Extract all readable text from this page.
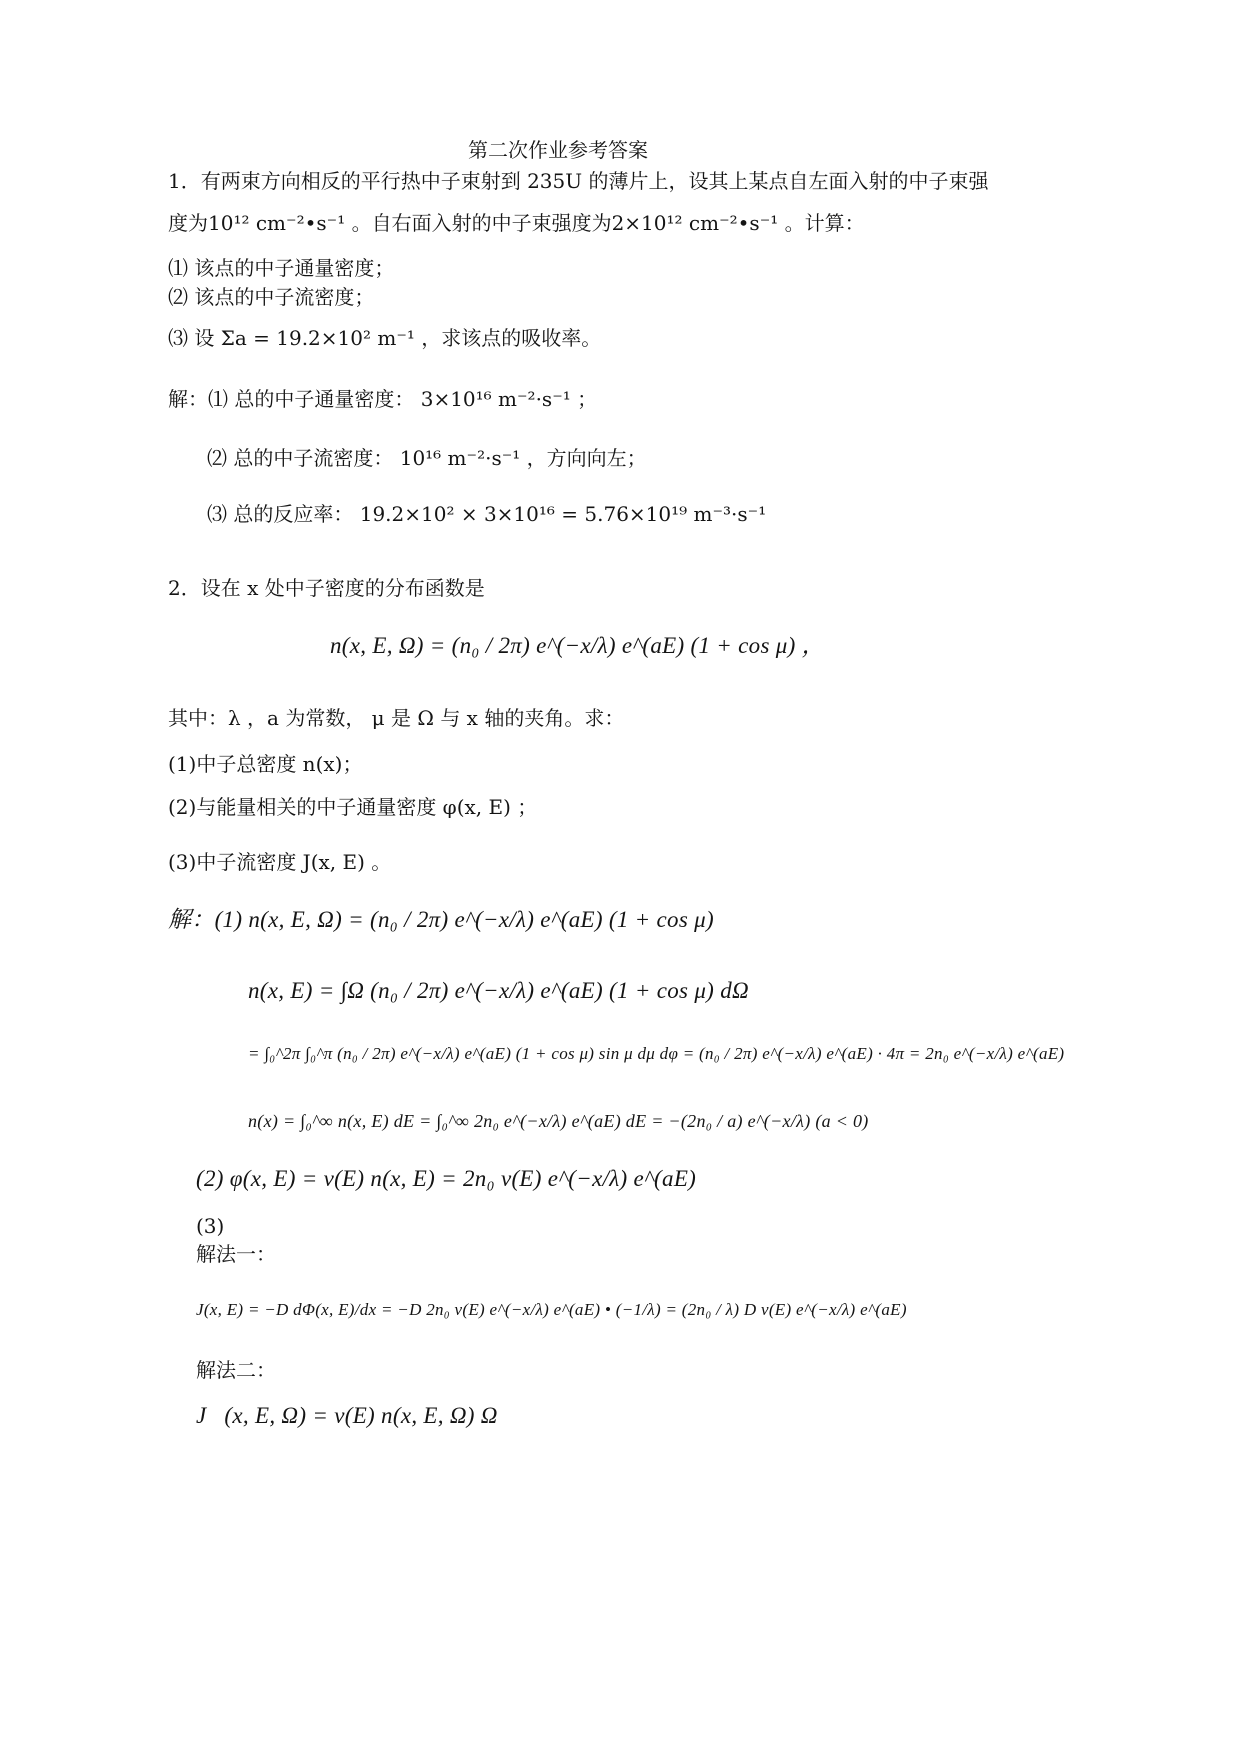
第二次作业参考答案
1．有两束方向相反的平行热中子束射到 235U 的薄片上，设其上某点自左面入射的中子束强
度为10¹² cm⁻²•s⁻¹ 。自右面入射的中子束强度为2×10¹² cm⁻²•s⁻¹ 。计算：
⑴ 该点的中子通量密度；
⑵ 该点的中子流密度；
⑶ 设 Σa = 19.2×10² m⁻¹ ，求该点的吸收率。
解：⑴ 总的中子通量密度： 3×10¹⁶ m⁻²·s⁻¹ ；
⑵ 总的中子流密度： 10¹⁶ m⁻²·s⁻¹ ，方向向左；
⑶ 总的反应率： 19.2×10² × 3×10¹⁶ = 5.76×10¹⁹ m⁻³·s⁻¹
2．设在 x 处中子密度的分布函数是
n(x, E, Ω) = (n₀ / 2π) e^(−x/λ) e^(aE) (1 + cos μ) ，
其中：λ ，a 为常数， μ 是 Ω 与 x 轴的夹角。求：
(1)中子总密度 n(x)；
(2)与能量相关的中子通量密度 φ(x, E) ；
(3)中子流密度 J(x, E) 。
解：(1) n(x, E, Ω) = (n₀ / 2π) e^(−x/λ) e^(aE) (1 + cos μ)
n(x, E) = ∫Ω (n₀ / 2π) e^(−x/λ) e^(aE) (1 + cos μ) dΩ
= ∫₀^2π ∫₀^π (n₀ / 2π) e^(−x/λ) e^(aE) (1 + cos μ) sin μ dμ dφ = (n₀ / 2π) e^(−x/λ) e^(aE) · 4π = 2n₀ e^(−x/λ) e^(aE)
n(x) = ∫₀^∞ n(x, E) dE = ∫₀^∞ 2n₀ e^(−x/λ) e^(aE) dE = −(2n₀ / a) e^(−x/λ) (a < 0)
(2) φ(x, E) = v(E) n(x, E) = 2n₀ v(E) e^(−x/λ) e^(aE)
(3)
解法一：
J(x, E) = −D dΦ(x, E)/dx = −D 2n₀ v(E) e^(−x/λ) e^(aE) • (−1/λ) = (2n₀ / λ) D v(E) e^(−x/λ) e^(aE)
解法二：
J⃗(x, E, Ω) = v(E) n(x, E, Ω) Ω⃗ ，
